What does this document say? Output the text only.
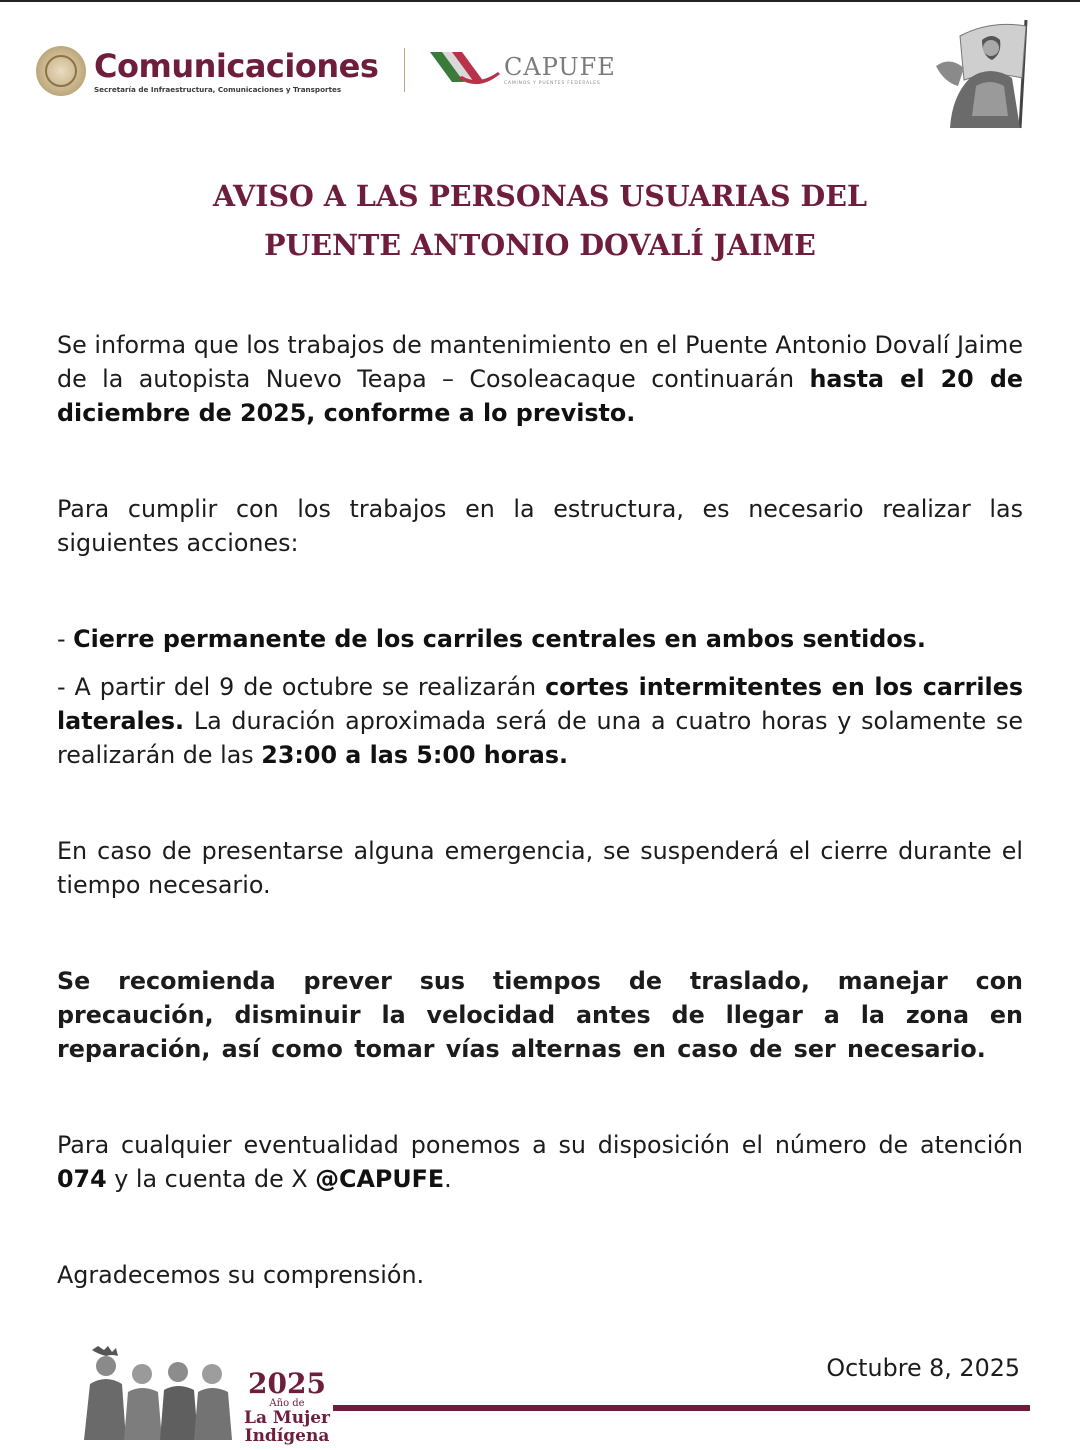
Comunicaciones
Secretaría de Infraestructura, Comunicaciones y Transportes
CAPUFE
CAMINOS Y PUENTES FEDERALES
AVISO A LAS PERSONAS USUARIAS DEL
PUENTE ANTONIO DOVALÍ JAIME

Se informa que los trabajos de mantenimiento en el Puente Antonio Dovalí Jaime de la autopista Nuevo Teapa – Cosoleacaque continuarán hasta el 20 de diciembre de 2025, conforme a lo previsto.

Para cumplir con los trabajos en la estructura, es necesario realizar las siguientes acciones:

- Cierre permanente de los carriles centrales en ambos sentidos.

- A partir del 9 de octubre se realizarán cortes intermitentes en los carriles laterales. La duración aproximada será de una a cuatro horas y solamente se realizarán de las 23:00 a las 5:00 horas.

En caso de presentarse alguna emergencia, se suspenderá el cierre durante el tiempo necesario.

Se recomienda prever sus tiempos de traslado, manejar con precaución, disminuir la velocidad antes de llegar a la zona en reparación, así como tomar vías alternas en caso de ser necesario.

Para cualquier eventualidad ponemos a su disposición el número de atención 074 y la cuenta de X @CAPUFE.

Agradecemos su comprensión.

2025
Año de
La Mujer
Indígena
Octubre 8, 2025
